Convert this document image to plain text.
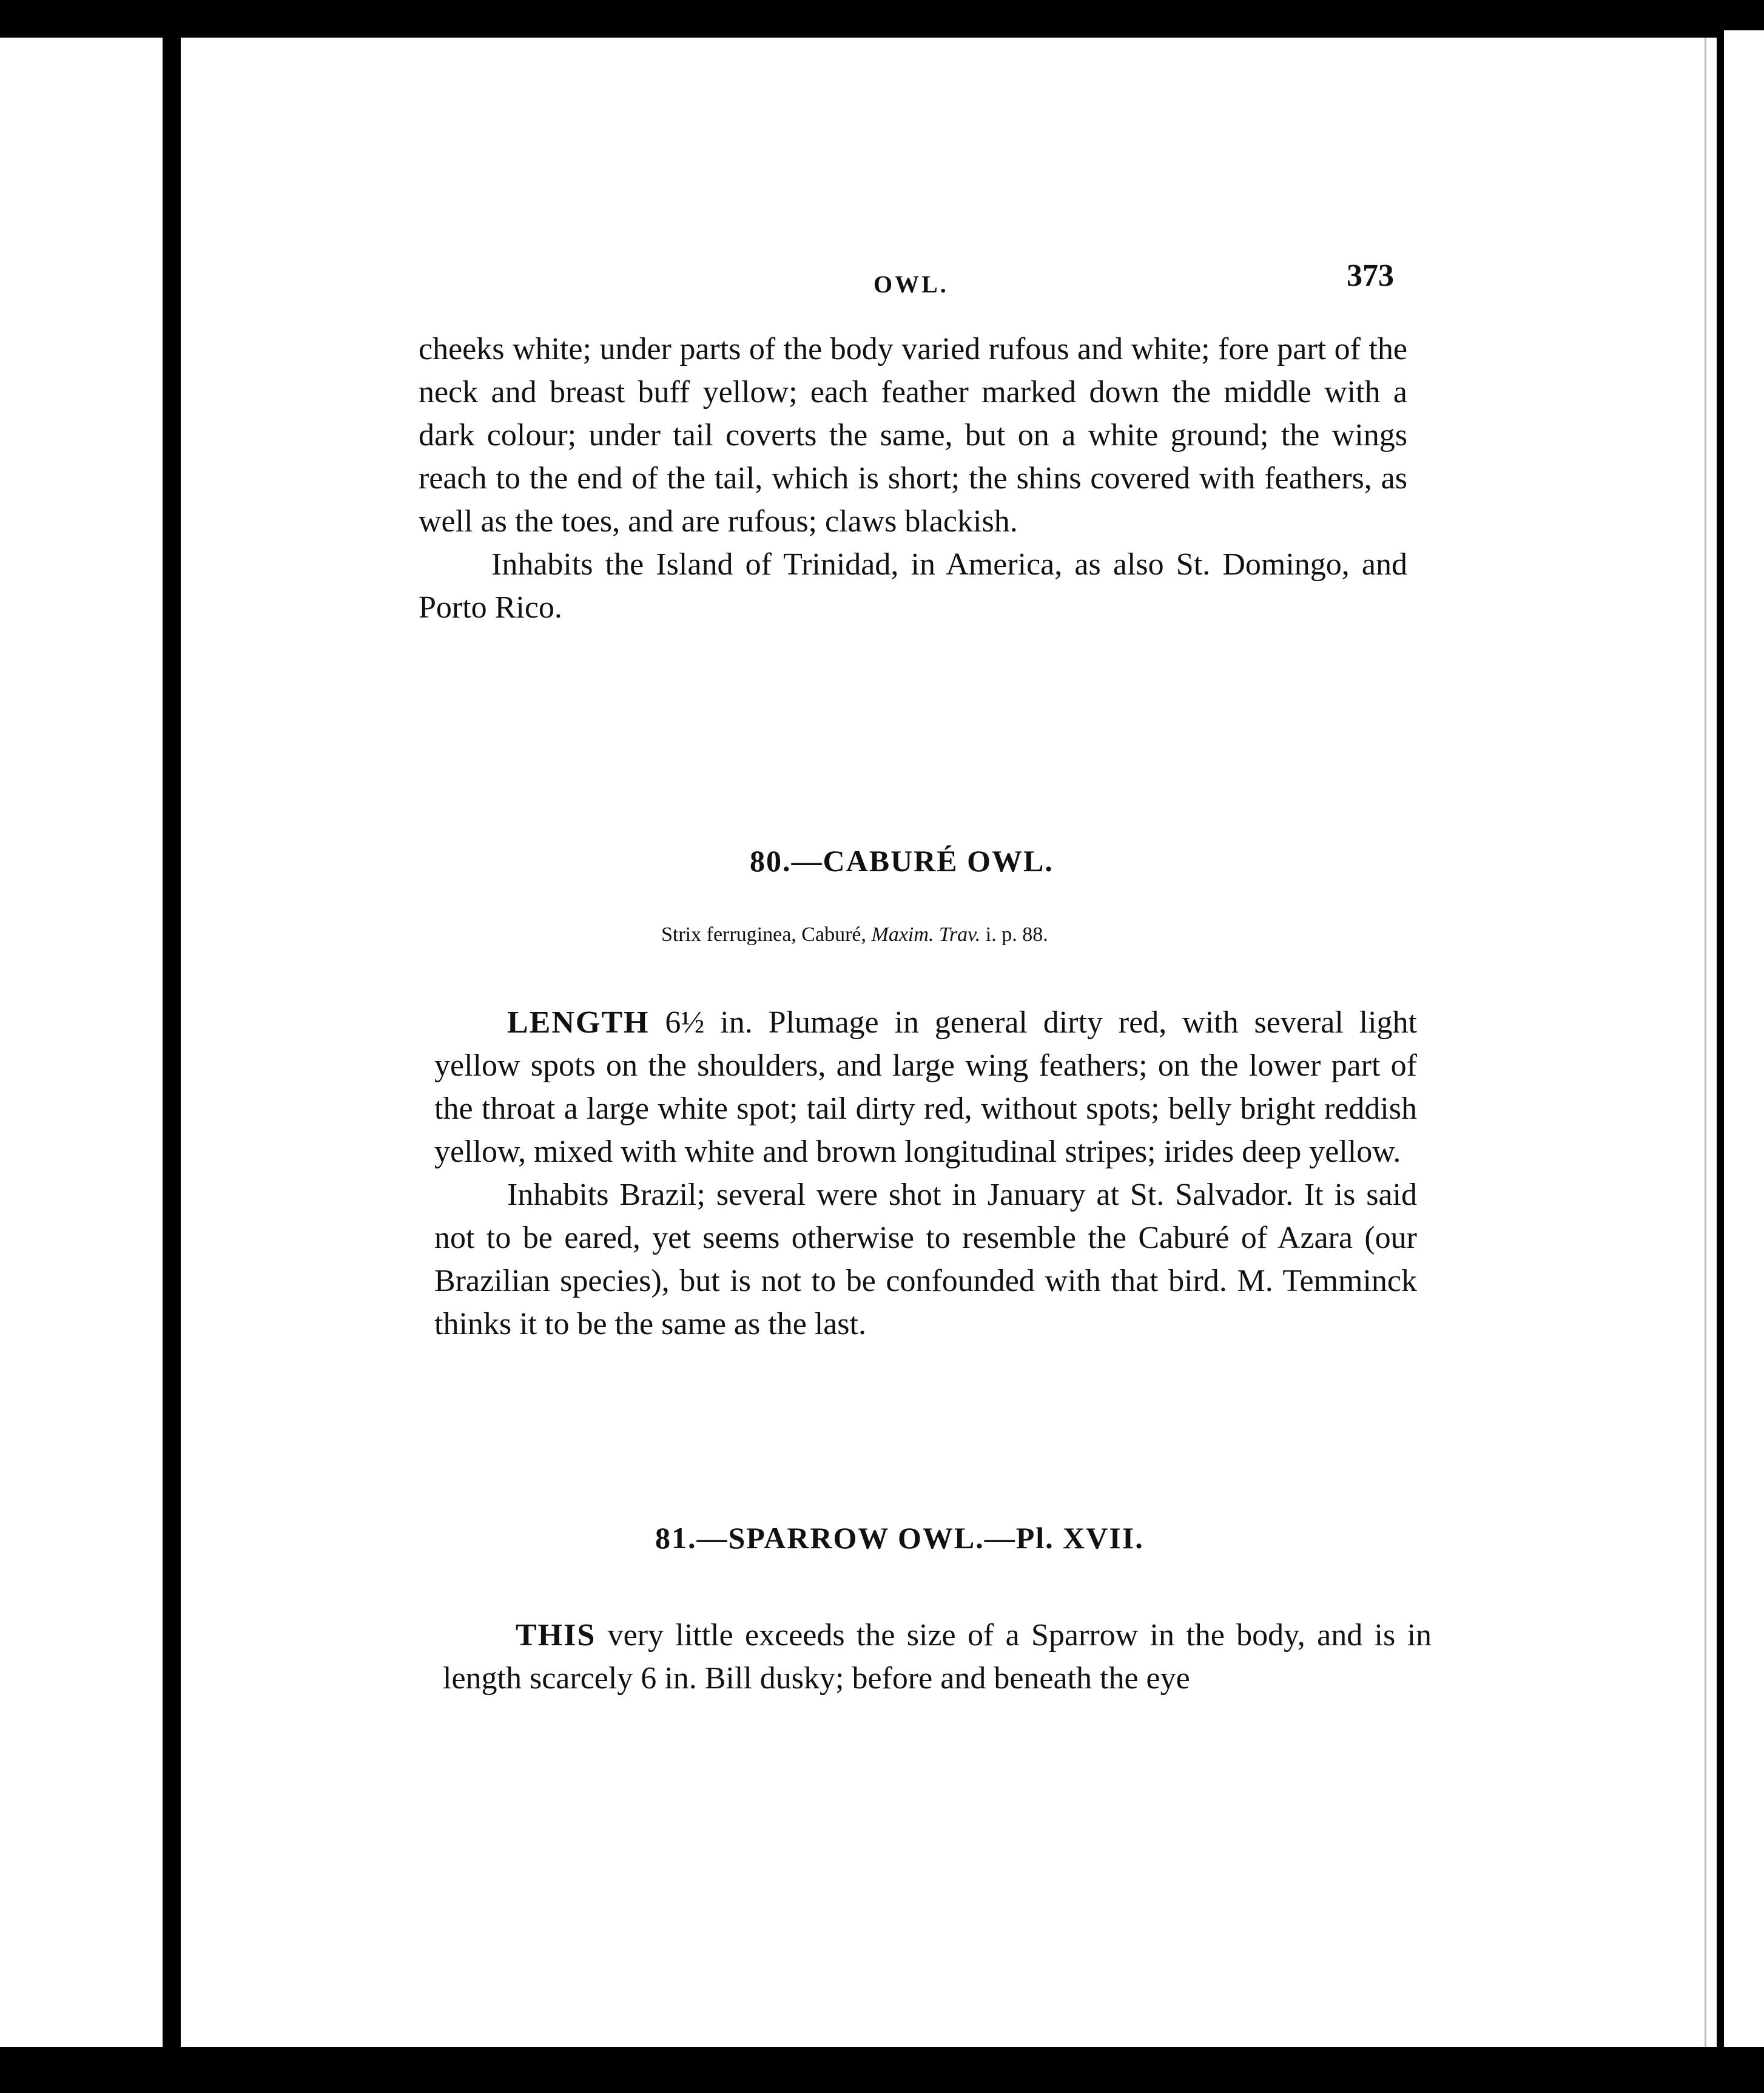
OWL.	373

cheeks white; under parts of the body varied rufous and white; fore part of the neck and breast buff yellow; each feather marked down the middle with a dark colour; under tail coverts the same, but on a white ground; the wings reach to the end of the tail, which is short; the shins covered with feathers, as well as the toes, and are rufous; claws blackish.

Inhabits the Island of Trinidad, in America, as also St. Domingo, and Porto Rico.

80.—CABURÉ OWL.
Strix ferruginea, Caburé, Maxim. Trav. i. p. 88.

LENGTH 6½ in. Plumage in general dirty red, with several light yellow spots on the shoulders, and large wing feathers; on the lower part of the throat a large white spot; tail dirty red, without spots; belly bright reddish yellow, mixed with white and brown longitudinal stripes; irides deep yellow.

Inhabits Brazil; several were shot in January at St. Salvador. It is said not to be eared, yet seems otherwise to resemble the Caburé of Azara (our Brazilian species), but is not to be confounded with that bird. M. Temminck thinks it to be the same as the last.

81.—SPARROW OWL.—Pl. XVII.

THIS very little exceeds the size of a Sparrow in the body, and is in length scarcely 6 in. Bill dusky; before and beneath the eye
